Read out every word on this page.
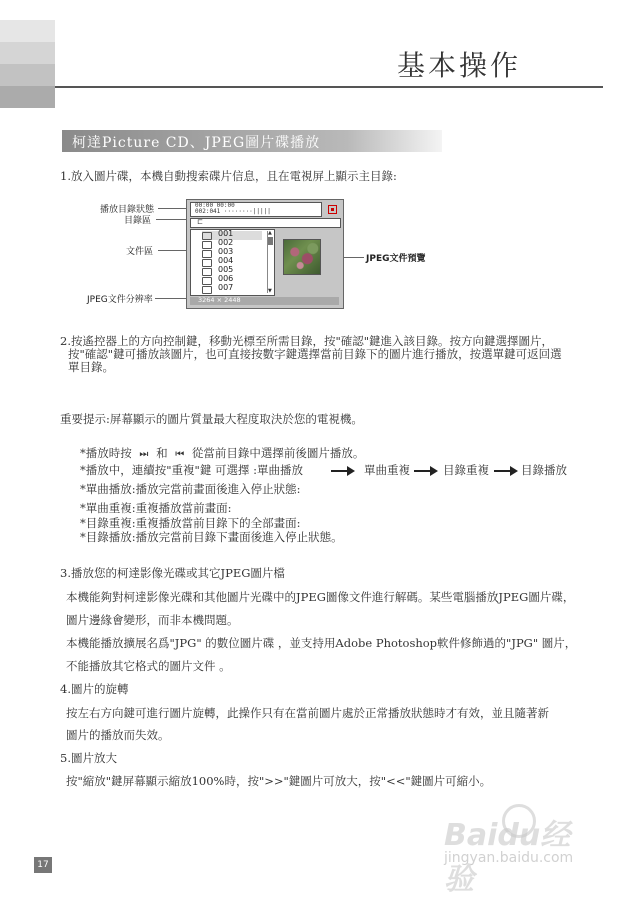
基本操作
柯達Picture CD、JPEG圖片碟播放
1.放入圖片碟，本機自動搜索碟片信息，且在電視屏上顯示主目錄:
播放目錄狀態
目錄區
文件區
JPEG文件分辨率
JPEG文件預覽
00:00 00:00
002:041 ········|||||
⊏
001
002
003
004
005
006
007
▲
▼
3264 × 2448
2.按遙控器上的方向控制鍵，移動光標至所需目錄，按"確認"鍵進入該目錄。按方向鍵選擇圖片，
按"確認"鍵可播放該圖片，也可直接按數字鍵選擇當前目錄下的圖片進行播放，按選單鍵可返回選
單目錄。
重要提示:屏幕顯示的圖片質量最大程度取決於您的電視機。
*播放時按 ⏭ 和 ⏮ 從當前目錄中選擇前後圖片播放。
*播放中，連續按"重複"鍵 可選擇 :單曲播放	單曲重複	目錄重複	目錄播放
*單曲播放:播放完當前畫面後進入停止狀態:
*單曲重複:重複播放當前畫面:
*目錄重複:重複播放當前目錄下的全部畫面:
*目錄播放:播放完當前目錄下畫面後進入停止狀態。
3.播放您的柯達影像光碟或其它JPEG圖片檔
本機能夠對柯達影像光碟和其他圖片光碟中的JPEG圖像文件進行解碼。某些電腦播放JPEG圖片碟，
圖片邊緣會變形，而非本機問題。
本機能播放擴展名爲"JPG" 的數位圖片碟 ，並支持用Adobe Photoshop軟件修飾過的"JPG" 圖片，
不能播放其它格式的圖片文件 。
4.圖片的旋轉
按左右方向鍵可進行圖片旋轉，此操作只有在當前圖片處於正常播放狀態時才有效，並且隨著新
圖片的播放而失效。
5.圖片放大
按"縮放"鍵屏幕顯示縮放100%時，按">>"鍵圖片可放大，按"<<"鍵圖片可縮小。
17
Baidu经验
jingyan.baidu.com
